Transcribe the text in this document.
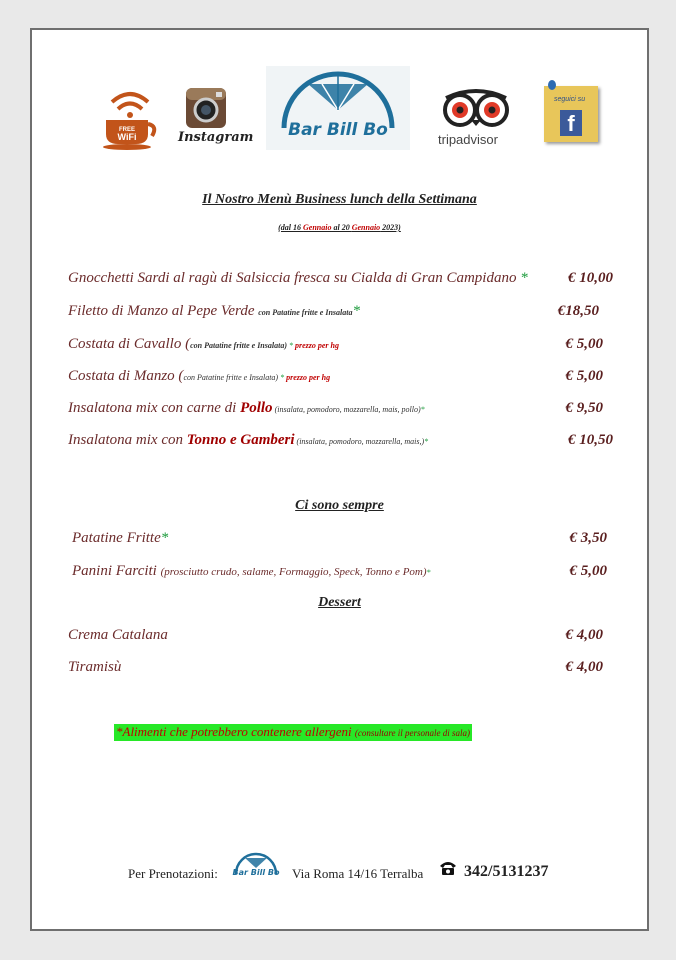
FREE
WiFi	Instagram	Bar Bill Bo	tripadvisor
seguici su
f
Il Nostro Menù Business lunch della Settimana
(dal 16 Gennaio al 20 Gennaio 2023)
Gnocchetti Sardi al ragù di Salsiccia fresca su Cialda di Gran Campidano *	€ 10,00
Filetto di Manzo al Pepe Verde con Patatine fritte e Insalata*	€18,50
Costata di Cavallo (con Patatine fritte e Insalata) * prezzo per hg	€ 5,00
Costata di Manzo (con Patatine fritte e Insalata) * prezzo per hg	€ 5,00
Insalatona mix con carne di Pollo (insalata, pomodoro, mozzarella, mais, pollo)*	€ 9,50
Insalatona mix con Tonno e Gamberi (insalata, pomodoro, mozzarella, mais,)*	€ 10,50
Ci sono sempre
Patatine Fritte*	€ 3,50
Panini Farciti (prosciutto crudo, salame, Formaggio, Speck, Tonno e Pom)*	€ 5,00
Dessert
Crema Catalana	€ 4,00
Tiramisù	€ 4,00
*Alimenti che potrebbero contenere allergeni (consultare il personale di sala)
Per Prenotazioni:	Bar Bill Bo Via Roma 14/16 Terralba	342/5131237
